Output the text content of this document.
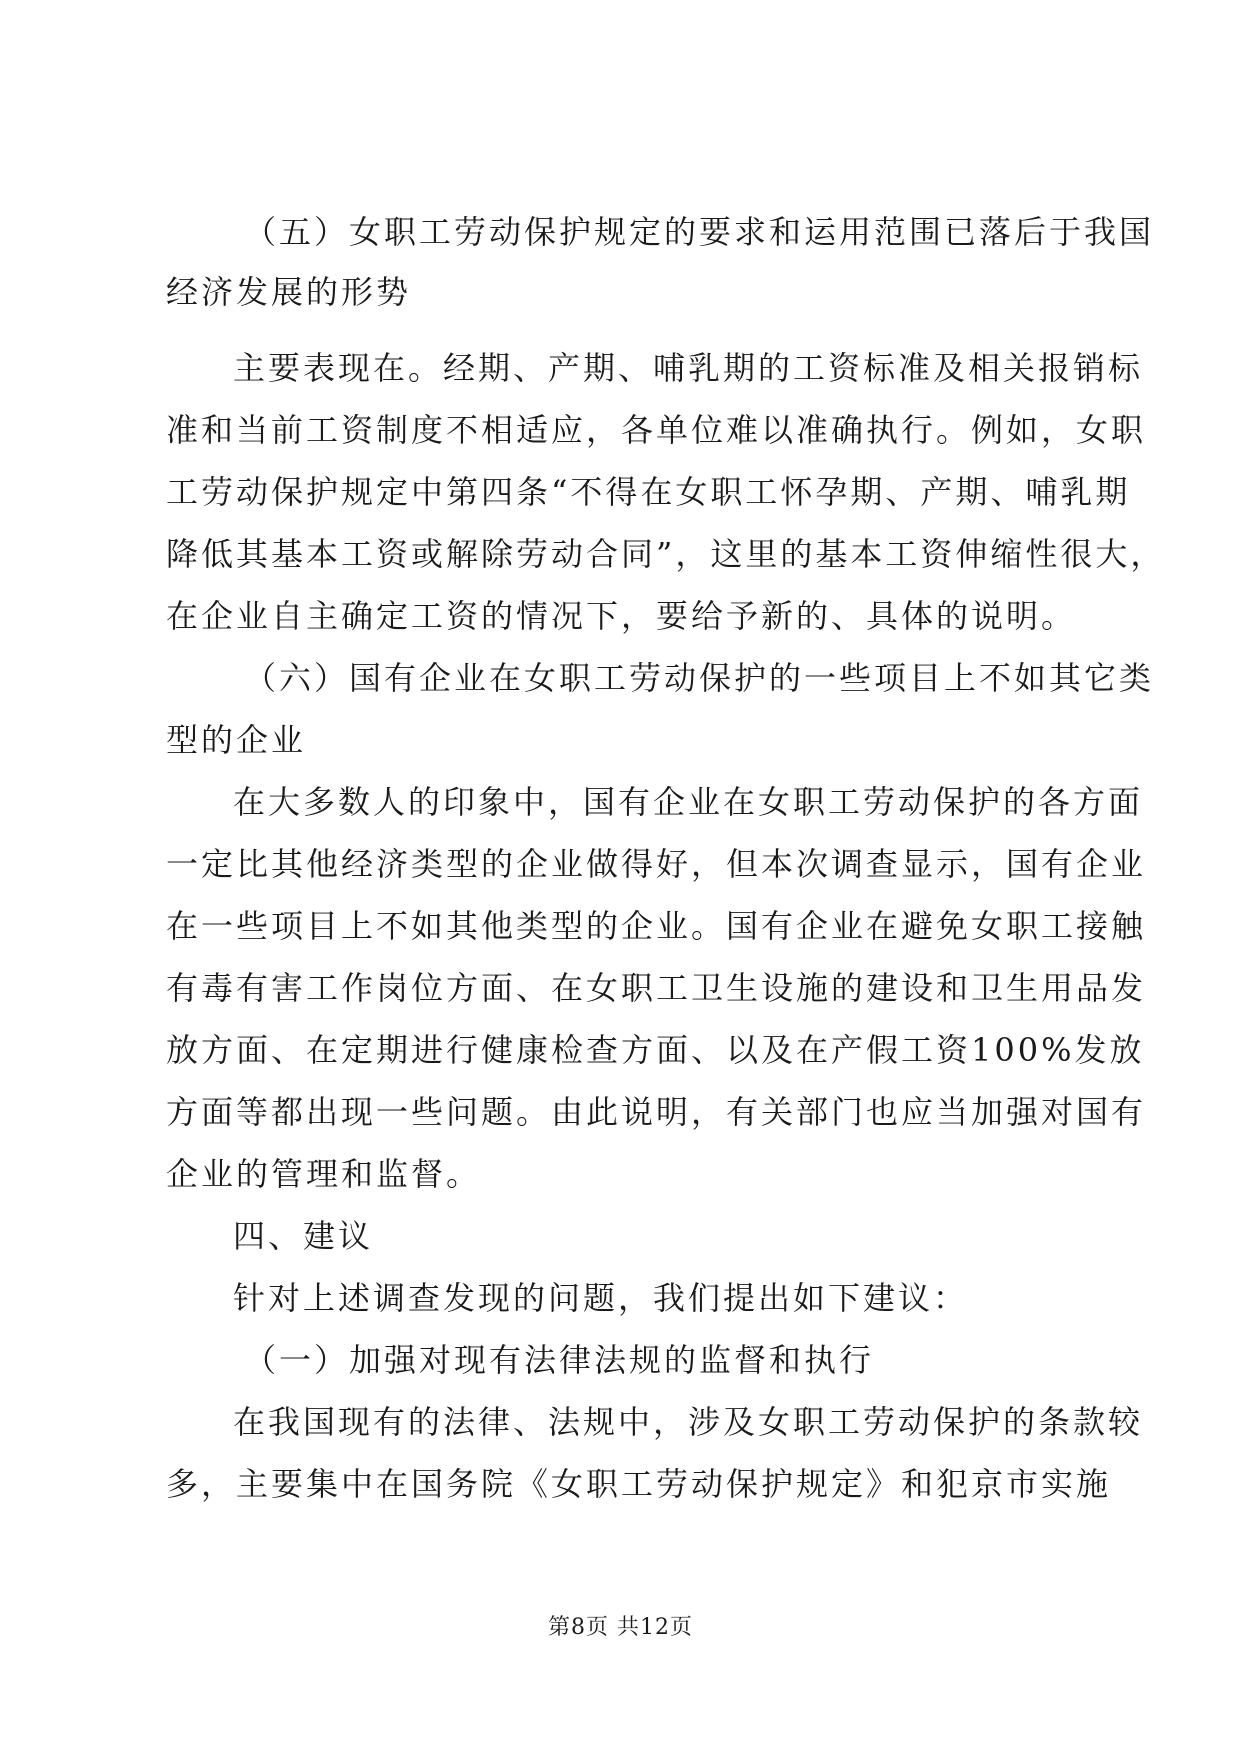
（五）女职工劳动保护规定的要求和运用范围已落后于我国
经济发展的形势
主要表现在。经期、产期、哺乳期的工资标准及相关报销标
准和当前工资制度不相适应，各单位难以准确执行。例如，女职
工劳动保护规定中第四条“不得在女职工怀孕期、产期、哺乳期
降低其基本工资或解除劳动合同”，这里的基本工资伸缩性很大，
在企业自主确定工资的情况下，要给予新的、具体的说明。
（六）国有企业在女职工劳动保护的一些项目上不如其它类
型的企业
在大多数人的印象中，国有企业在女职工劳动保护的各方面
一定比其他经济类型的企业做得好，但本次调查显示，国有企业
在一些项目上不如其他类型的企业。国有企业在避免女职工接触
有毒有害工作岗位方面、在女职工卫生设施的建设和卫生用品发
放方面、在定期进行健康检查方面、以及在产假工资100%发放
方面等都出现一些问题。由此说明，有关部门也应当加强对国有
企业的管理和监督。
四、建议
针对上述调查发现的问题，我们提出如下建议：
（一）加强对现有法律法规的监督和执行
在我国现有的法律、法规中，涉及女职工劳动保护的条款较
多，主要集中在国务院《女职工劳动保护规定》和犯京市实施
第8页 共12页
